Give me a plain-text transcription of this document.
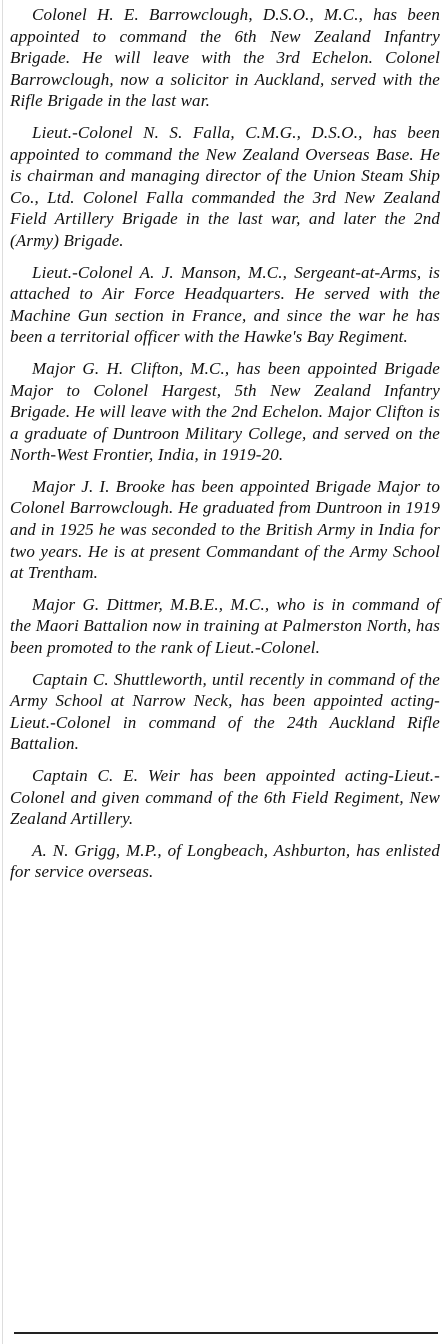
Colonel H. E. Barrowclough, D.S.O., M.C., has been appointed to command the 6th New Zealand Infantry Brigade. He will leave with the 3rd Echelon. Colonel Barrowclough, now a solicitor in Auckland, served with the Rifle Brigade in the last war.

Lieut.-Colonel N. S. Falla, C.M.G., D.S.O., has been appointed to command the New Zealand Overseas Base. He is chairman and managing director of the Union Steam Ship Co., Ltd. Colonel Falla commanded the 3rd New Zealand Field Artillery Brigade in the last war, and later the 2nd (Army) Brigade.

Lieut.-Colonel A. J. Manson, M.C., Sergeant-at-Arms, is attached to Air Force Headquarters. He served with the Machine Gun section in France, and since the war he has been a territorial officer with the Hawke's Bay Regiment.

Major G. H. Clifton, M.C., has been appointed Brigade Major to Colonel Hargest, 5th New Zealand Infantry Brigade. He will leave with the 2nd Echelon. Major Clifton is a graduate of Duntroon Military College, and served on the North-West Frontier, India, in 1919-20.

Major J. I. Brooke has been appointed Brigade Major to Colonel Barrowclough. He graduated from Duntroon in 1919 and in 1925 he was seconded to the British Army in India for two years. He is at present Commandant of the Army School at Trentham.

Major G. Dittmer, M.B.E., M.C., who is in command of the Maori Battalion now in training at Palmerston North, has been promoted to the rank of Lieut.-Colonel.

Captain C. Shuttleworth, until recently in command of the Army School at Narrow Neck, has been appointed acting-Lieut.-Colonel in command of the 24th Auckland Rifle Battalion.

Captain C. E. Weir has been appointed acting-Lieut.-Colonel and given command of the 6th Field Regiment, New Zealand Artillery.

A. N. Grigg, M.P., of Longbeach, Ashburton, has enlisted for service overseas.
